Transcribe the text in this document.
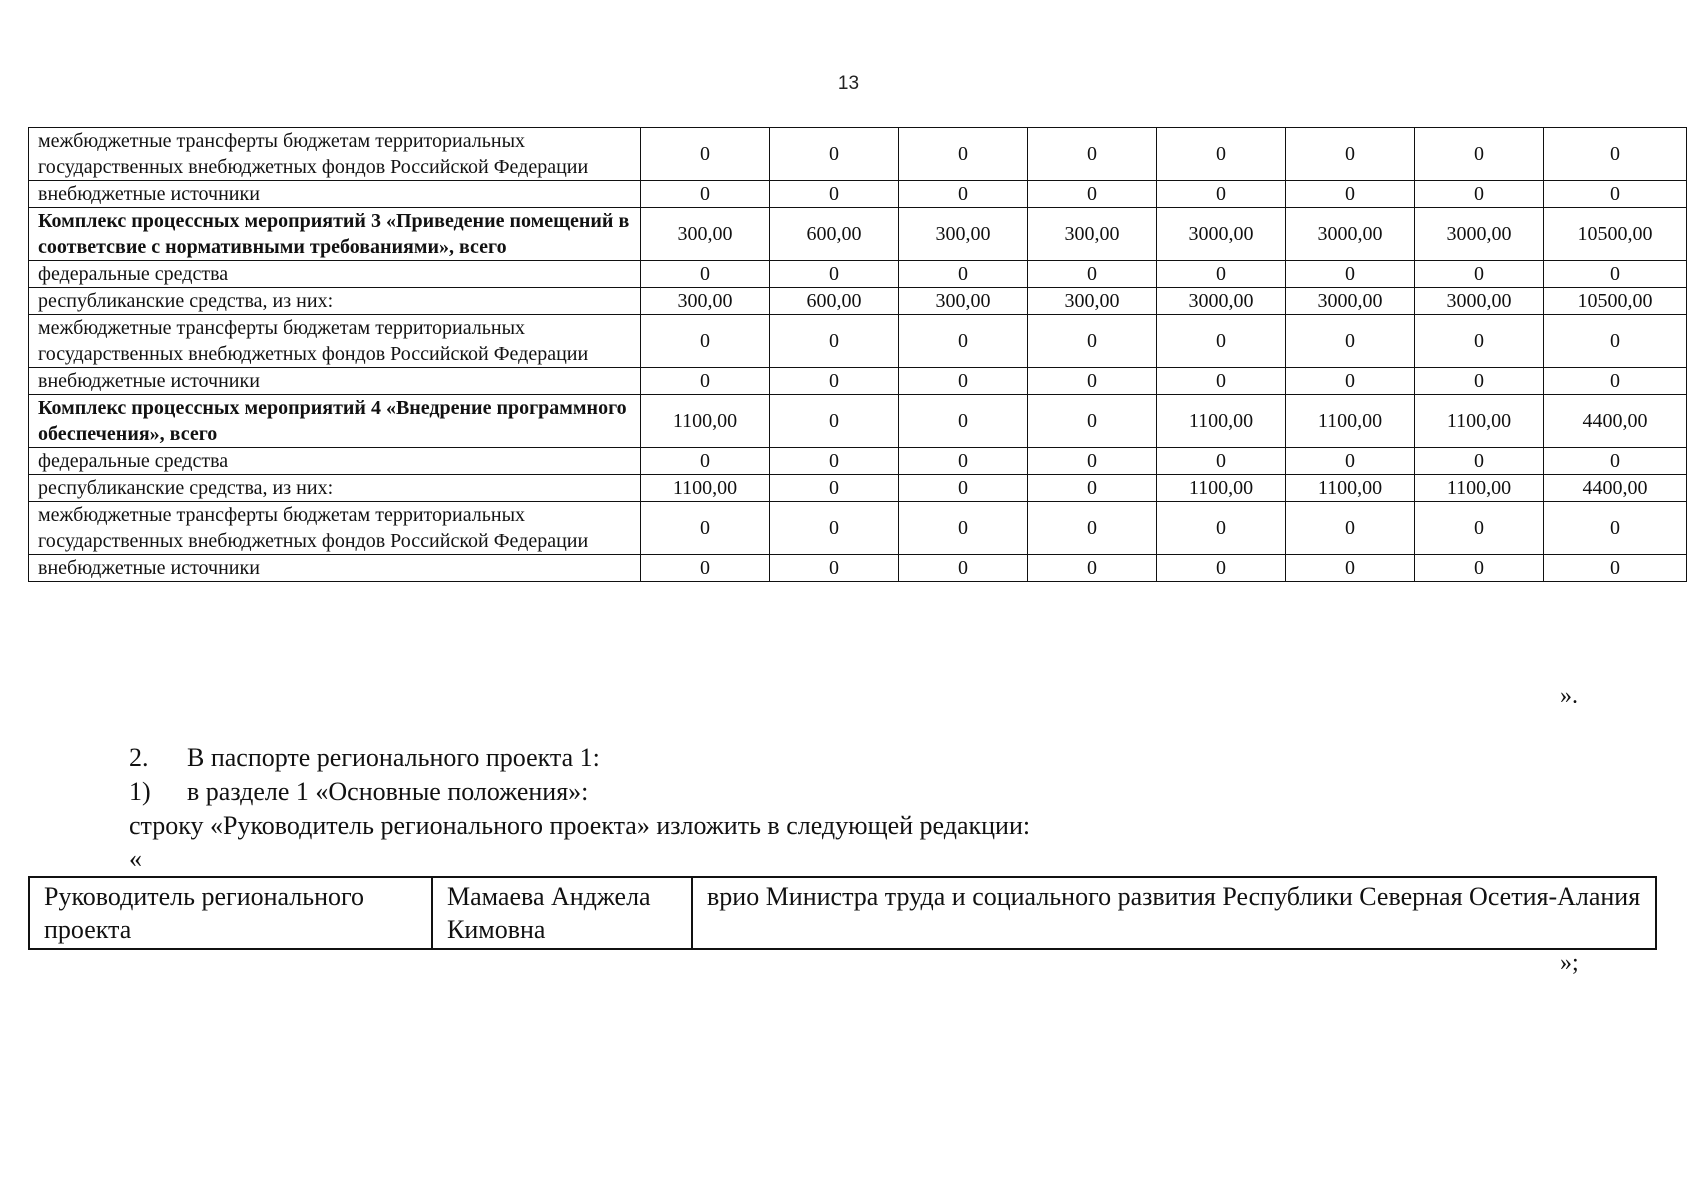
13
межбюджетные трансферты бюджетам территориальных государственных внебюджетных фондов Российской Федерации	0	0	0	0	0	0	0	0
внебюджетные источники	0	0	0	0	0	0	0	0
Комплекс процессных мероприятий 3 «Приведение помещений в соответсвие с нормативными требованиями», всего	300,00	600,00	300,00	300,00	3000,00	3000,00	3000,00	10500,00
федеральные средства	0	0	0	0	0	0	0	0
республиканские средства, из них:	300,00	600,00	300,00	300,00	3000,00	3000,00	3000,00	10500,00
межбюджетные трансферты бюджетам территориальных государственных внебюджетных фондов Российской Федерации	0	0	0	0	0	0	0	0
внебюджетные источники	0	0	0	0	0	0	0	0
Комплекс процессных мероприятий 4 «Внедрение программного обеспечения», всего	1100,00	0	0	0	1100,00	1100,00	1100,00	4400,00
федеральные средства	0	0	0	0	0	0	0	0
республиканские средства, из них:	1100,00	0	0	0	1100,00	1100,00	1100,00	4400,00
межбюджетные трансферты бюджетам территориальных государственных внебюджетных фондов Российской Федерации	0	0	0	0	0	0	0	0
внебюджетные источники	0	0	0	0	0	0	0	0
».
2. В паспорте регионального проекта 1:
1) в разделе 1 «Основные положения»:
строку «Руководитель регионального проекта» изложить в следующей редакции:
«
Руководитель регионального проекта	Мамаева Анджела Кимовна	врио Министра труда и социального развития Республики Северная Осетия-Алания
»;
